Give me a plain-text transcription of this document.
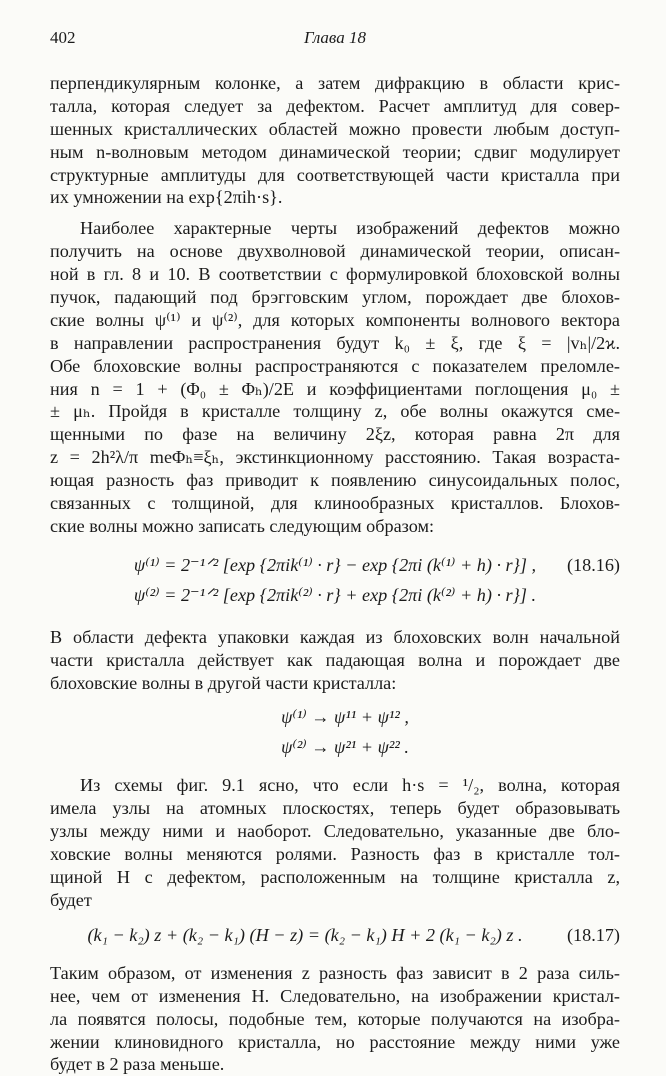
402	Глава 18

перпендикулярным колонке, а затем дифракцию в области крис-

талла, которая следует за дефектом. Расчет амплитуд для совер-

шенных кристаллических областей можно провести любым доступ-

ным n-волновым методом динамической теории; сдвиг модулирует

структурные амплитуды для соответствующей части кристалла при

их умножении на exp{2πih·s}.

Наиболее характерные черты изображений дефектов можно

получить на основе двухволновой динамической теории, описан-

ной в гл. 8 и 10. В соответствии с формулировкой блоховской волны

пучок, падающий под брэгговским углом, порождает две блохов-

ские волны ψ⁽¹⁾ и ψ⁽²⁾, для которых компоненты волнового вектора

в направлении распространения будут k₀ ± ξ, где ξ = |vₕ|/2ϰ.

Обе блоховские волны распространяются с показателем преломле-

ния n = 1 + (Φ₀ ± Φₕ)/2E и коэффициентами поглощения μ₀ ±

± μₕ. Пройдя в кристалле толщину z, обе волны окажутся сме-

щенными по фазе на величину 2ξz, которая равна 2π для

z = 2h²λ/π meΦₕ≡ξₕ, экстинкционному расстоянию. Такая возраста-

ющая разность фаз приводит к появлению синусоидальных полос,

связанных с толщиной, для клинообразных кристаллов. Блохов-

ские волны можно записать следующим образом:

ψ⁽¹⁾ = 2⁻¹ᐟ² [exp {2πik⁽¹⁾ · r} − exp {2πi (k⁽¹⁾ + h) · r}] ,	(18.16)
ψ⁽²⁾ = 2⁻¹ᐟ² [exp {2πik⁽²⁾ · r} + exp {2πi (k⁽²⁾ + h) · r}] .

В области дефекта упаковки каждая из блоховских волн начальной

части кристалла действует как падающая волна и порождает две

блоховские волны в другой части кристалла:

ψ⁽¹⁾ → ψ¹¹ + ψ¹² ,
ψ⁽²⁾ → ψ²¹ + ψ²² .

Из схемы фиг. 9.1 ясно, что если h·s = ¹/₂, волна, которая

имела узлы на атомных плоскостях, теперь будет образовывать

узлы между ними и наоборот. Следовательно, указанные две бло-

ховские волны меняются ролями. Разность фаз в кристалле тол-

щиной H с дефектом, расположенным на толщине кристалла z,

будет

(k₁ − k₂) z + (k₂ − k₁) (H − z) = (k₂ − k₁) H + 2 (k₁ − k₂) z .	(18.17)

Таким образом, от изменения z разность фаз зависит в 2 раза силь-

нее, чем от изменения H. Следовательно, на изображении кристал-

ла появятся полосы, подобные тем, которые получаются на изобра-

жении клиновидного кристалла, но расстояние между ними уже

будет в 2 раза меньше.
